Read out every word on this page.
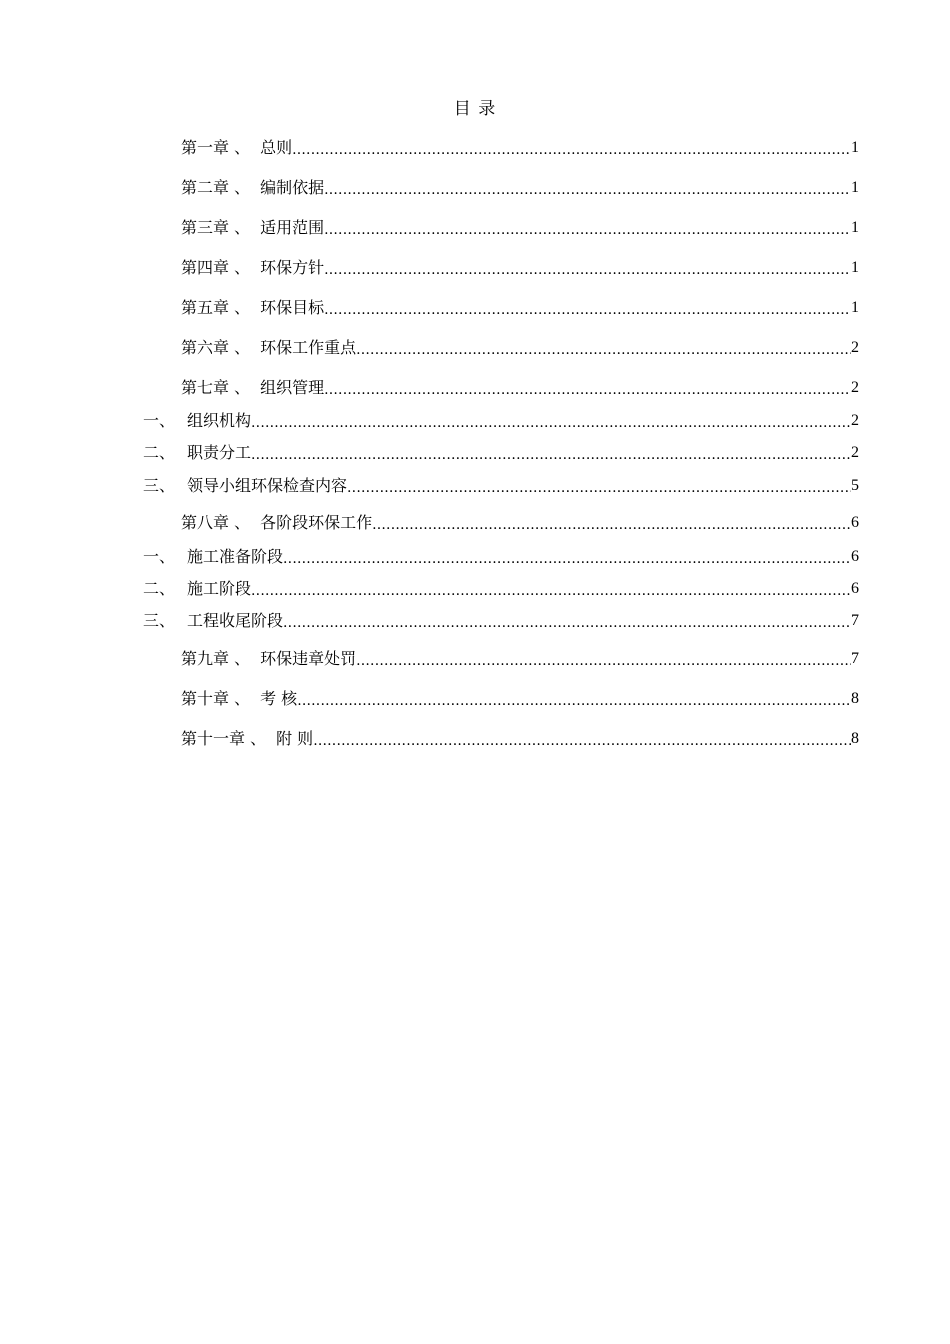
目 录
第一章 、 总则 .....	1
第二章 、 编制依据 .....	1
第三章 、 适用范围 .....	1
第四章 、 环保方针 .....	1
第五章 、 环保目标 .....	1
第六章 、 环保工作重点 .....	2
第七章 、 组织管理 .....	2
一、 组织机构 .....	2
二、 职责分工 .....	2
三、 领导小组环保检查内容 .....	5
第八章 、 各阶段环保工作 .....	6
一、 施工准备阶段 .....	6
二、 施工阶段 .....	6
三、 工程收尾阶段 .....	7
第九章 、 环保违章处罚 .....	7
第十章 、 考 核 .....	8
第十一章 、 附 则 .....	8
